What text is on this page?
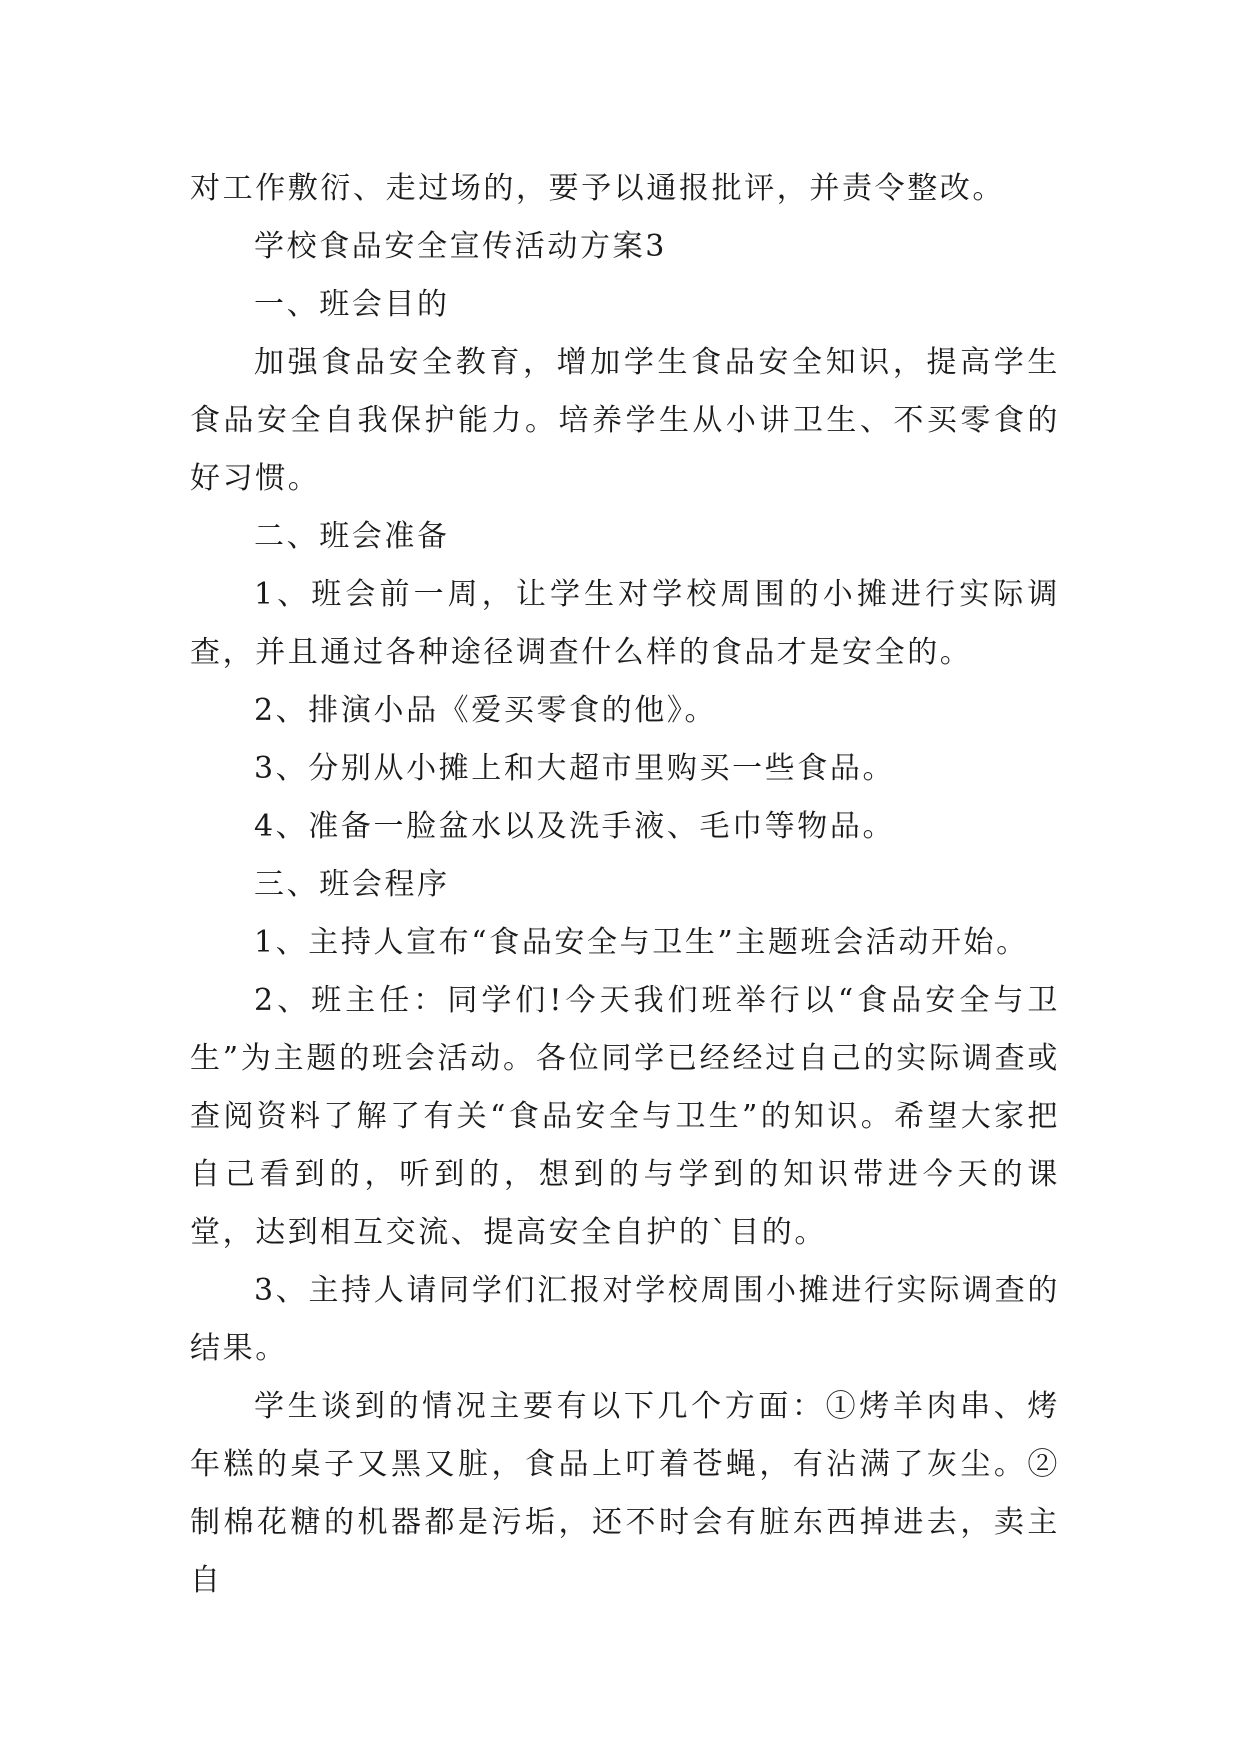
对工作敷衍、走过场的，要予以通报批评，并责令整改。

学校食品安全宣传活动方案3

一、班会目的

加强食品安全教育，增加学生食品安全知识，提高学生食品安全自我保护能力。培养学生从小讲卫生、不买零食的好习惯。

二、班会准备

1、班会前一周，让学生对学校周围的小摊进行实际调查，并且通过各种途径调查什么样的食品才是安全的。

2、排演小品《爱买零食的他》。

3、分别从小摊上和大超市里购买一些食品。

4、准备一脸盆水以及洗手液、毛巾等物品。

三、班会程序

1、主持人宣布“食品安全与卫生”主题班会活动开始。

2、班主任：同学们!今天我们班举行以“食品安全与卫生”为主题的班会活动。各位同学已经经过自己的实际调查或查阅资料了解了有关“食品安全与卫生”的知识。希望大家把自己看到的，听到的，想到的与学到的知识带进今天的课堂，达到相互交流、提高安全自护的`目的。

3、主持人请同学们汇报对学校周围小摊进行实际调查的结果。

学生谈到的情况主要有以下几个方面：①烤羊肉串、烤年糕的桌子又黑又脏，食品上叮着苍蝇，有沾满了灰尘。②制棉花糖的机器都是污垢，还不时会有脏东西掉进去，卖主自
